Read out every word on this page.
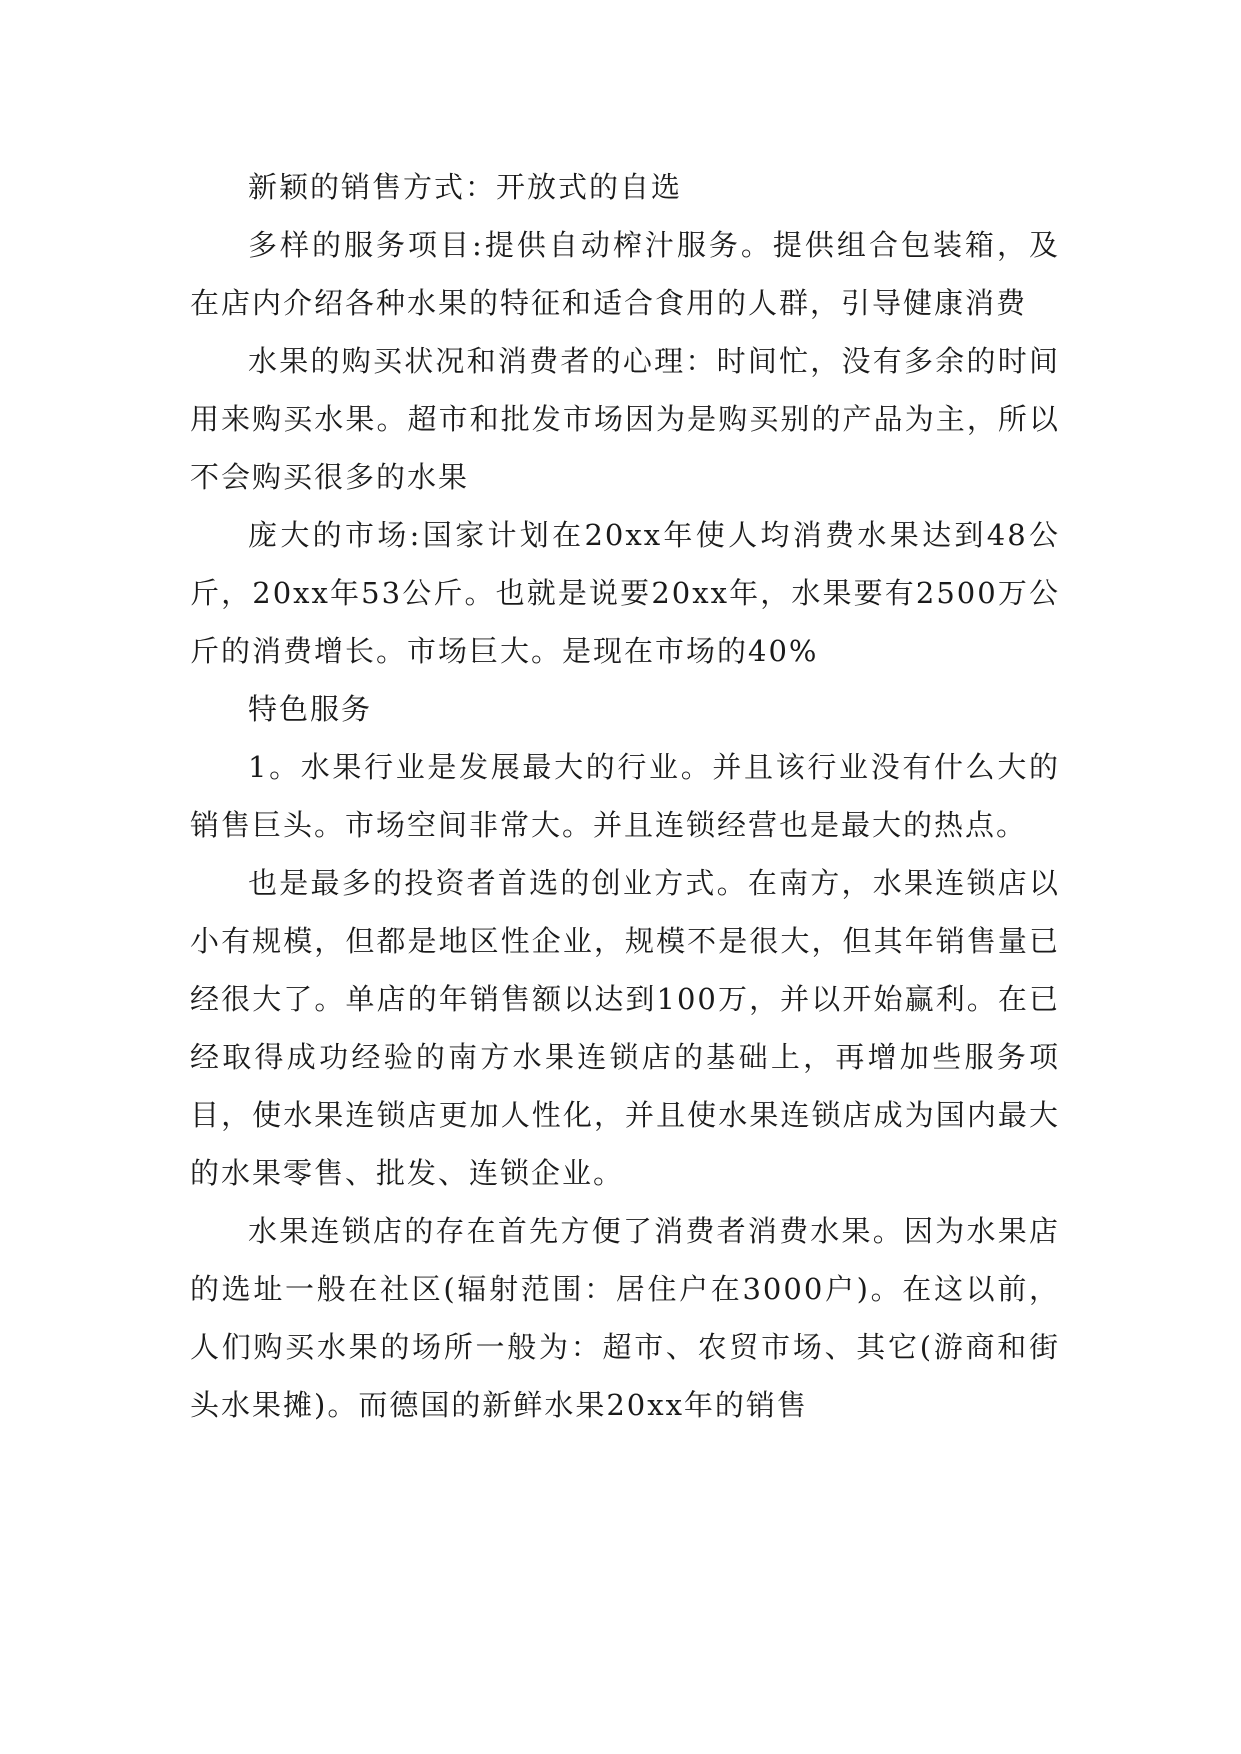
新颖的销售方式：开放式的自选

多样的服务项目:提供自动榨汁服务。提供组合包装箱，及在店内介绍各种水果的特征和适合食用的人群，引导健康消费

水果的购买状况和消费者的心理：时间忙，没有多余的时间用来购买水果。超市和批发市场因为是购买别的产品为主，所以不会购买很多的水果

庞大的市场:国家计划在20xx年使人均消费水果达到48公斤，20xx年53公斤。也就是说要20xx年，水果要有2500万公斤的消费增长。市场巨大。是现在市场的40%

特色服务

1。水果行业是发展最大的行业。并且该行业没有什么大的销售巨头。市场空间非常大。并且连锁经营也是最大的热点。

也是最多的投资者首选的创业方式。在南方，水果连锁店以小有规模，但都是地区性企业，规模不是很大，但其年销售量已经很大了。单店的年销售额以达到100万，并以开始赢利。在已经取得成功经验的南方水果连锁店的基础上，再增加些服务项目，使水果连锁店更加人性化，并且使水果连锁店成为国内最大的水果零售、批发、连锁企业。

水果连锁店的存在首先方便了消费者消费水果。因为水果店的选址一般在社区(辐射范围：居住户在3000户)。在这以前，人们购买水果的场所一般为：超市、农贸市场、其它(游商和街头水果摊)。而德国的新鲜水果20xx年的销售
